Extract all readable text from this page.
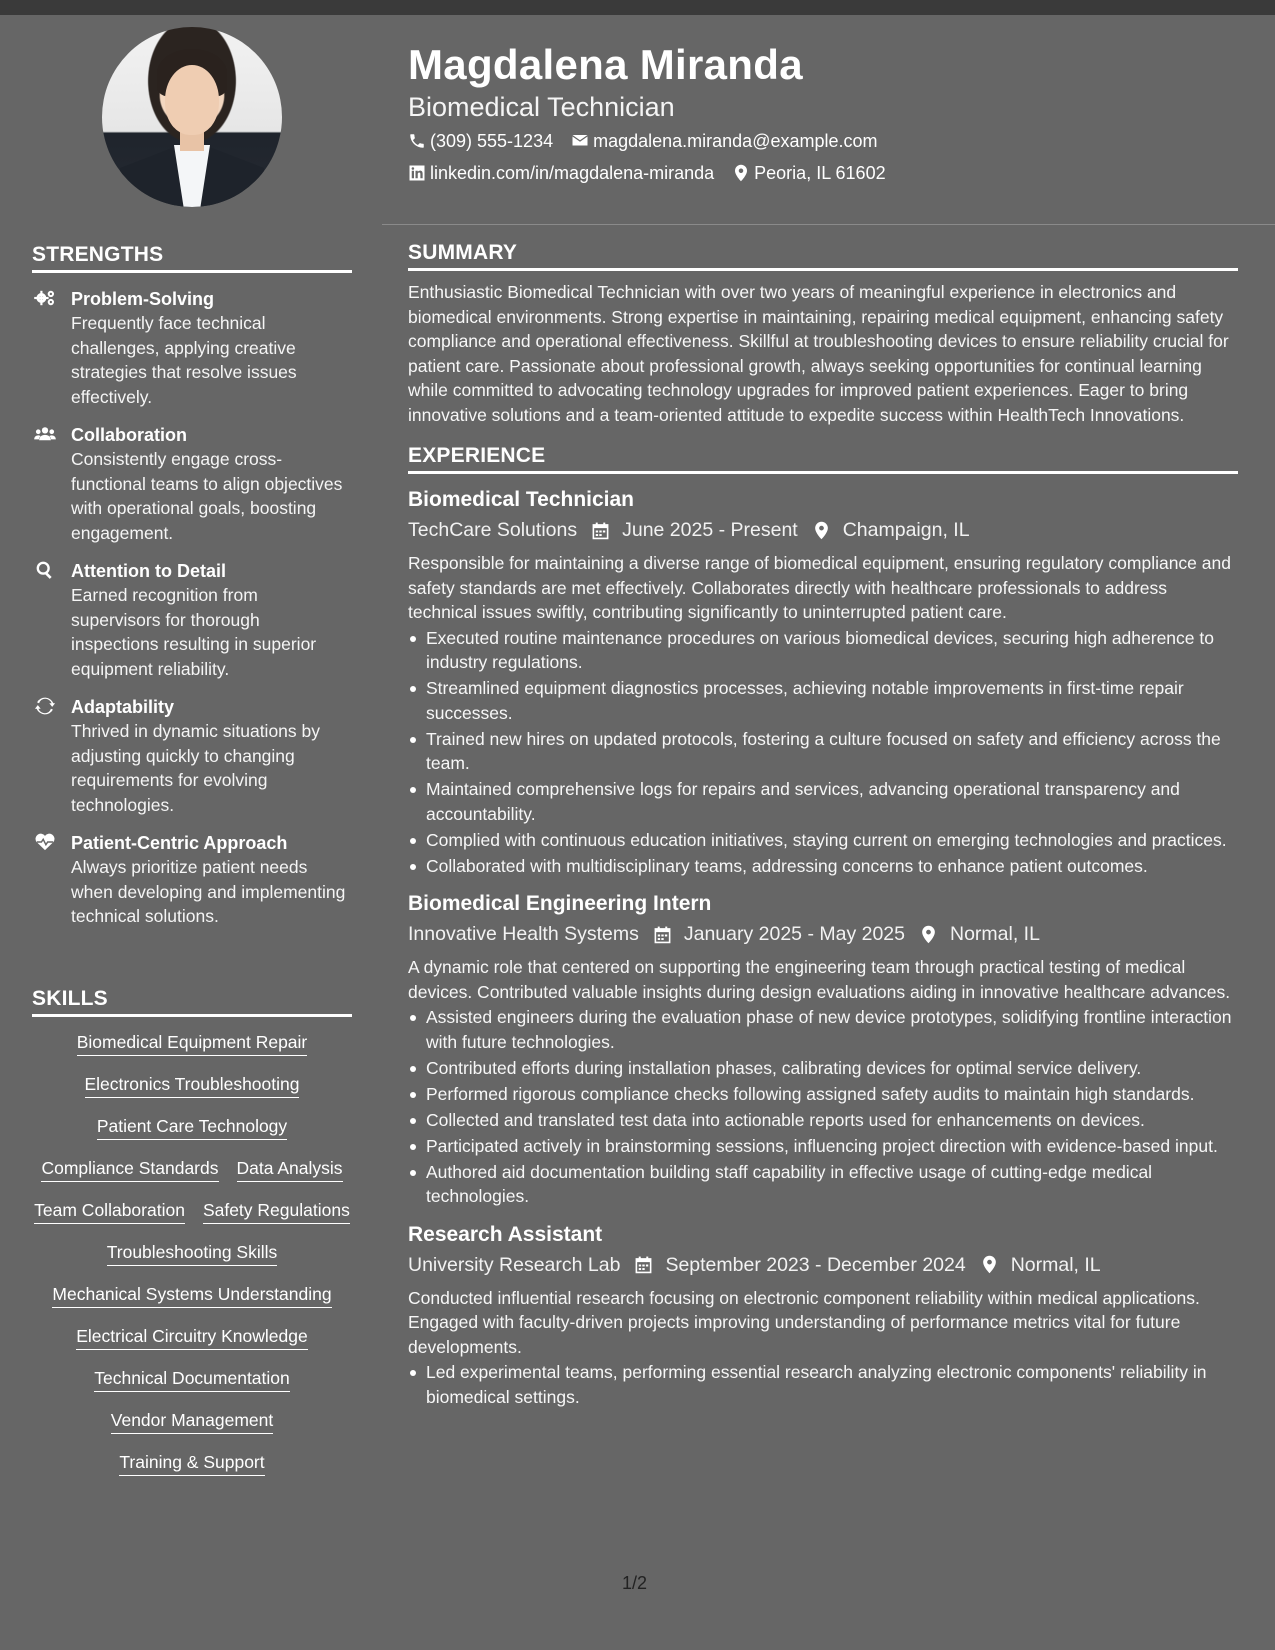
STRENGTHS
Problem-Solving
Frequently face technical challenges, applying creative strategies that resolve issues effectively.
Collaboration
Consistently engage cross-functional teams to align objectives with operational goals, boosting engagement.
Attention to Detail
Earned recognition from supervisors for thorough inspections resulting in superior equipment reliability.
Adaptability
Thrived in dynamic situations by adjusting quickly to changing requirements for evolving technologies.
Patient-Centric Approach
Always prioritize patient needs when developing and implementing technical solutions.
SKILLS
Biomedical Equipment Repair
Electronics Troubleshooting
Patient Care Technology
Compliance Standards Data Analysis
Team Collaboration Safety Regulations
Troubleshooting Skills
Mechanical Systems Understanding
Electrical Circuitry Knowledge
Technical Documentation
Vendor Management
Training & Support
Magdalena Miranda
Biomedical Technician
(309) 555-1234 magdalena.miranda@example.com
linkedin.com/in/magdalena-miranda Peoria, IL 61602
SUMMARY
Enthusiastic Biomedical Technician with over two years of meaningful experience in electronics and biomedical environments. Strong expertise in maintaining, repairing medical equipment, enhancing safety compliance and operational effectiveness. Skillful at troubleshooting devices to ensure reliability crucial for patient care. Passionate about professional growth, always seeking opportunities for continual learning while committed to advocating technology upgrades for improved patient experiences. Eager to bring innovative solutions and a team-oriented attitude to expedite success within HealthTech Innovations.
EXPERIENCE
Biomedical Technician
TechCare Solutions June 2025 - Present Champaign, IL
Responsible for maintaining a diverse range of biomedical equipment, ensuring regulatory compliance and safety standards are met effectively. Collaborates directly with healthcare professionals to address technical issues swiftly, contributing significantly to uninterrupted patient care.
Executed routine maintenance procedures on various biomedical devices, securing high adherence to industry regulations.
Streamlined equipment diagnostics processes, achieving notable improvements in first-time repair successes.
Trained new hires on updated protocols, fostering a culture focused on safety and efficiency across the team.
Maintained comprehensive logs for repairs and services, advancing operational transparency and accountability.
Complied with continuous education initiatives, staying current on emerging technologies and practices.
Collaborated with multidisciplinary teams, addressing concerns to enhance patient outcomes.
Biomedical Engineering Intern
Innovative Health Systems January 2025 - May 2025 Normal, IL
A dynamic role that centered on supporting the engineering team through practical testing of medical devices. Contributed valuable insights during design evaluations aiding in innovative healthcare advances.
Assisted engineers during the evaluation phase of new device prototypes, solidifying frontline interaction with future technologies.
Contributed efforts during installation phases, calibrating devices for optimal service delivery.
Performed rigorous compliance checks following assigned safety audits to maintain high standards.
Collected and translated test data into actionable reports used for enhancements on devices.
Participated actively in brainstorming sessions, influencing project direction with evidence-based input.
Authored aid documentation building staff capability in effective usage of cutting-edge medical technologies.
Research Assistant
University Research Lab September 2023 - December 2024 Normal, IL
Conducted influential research focusing on electronic component reliability within medical applications. Engaged with faculty-driven projects improving understanding of performance metrics vital for future developments.
Led experimental teams, performing essential research analyzing electronic components' reliability in biomedical settings.
1/2
